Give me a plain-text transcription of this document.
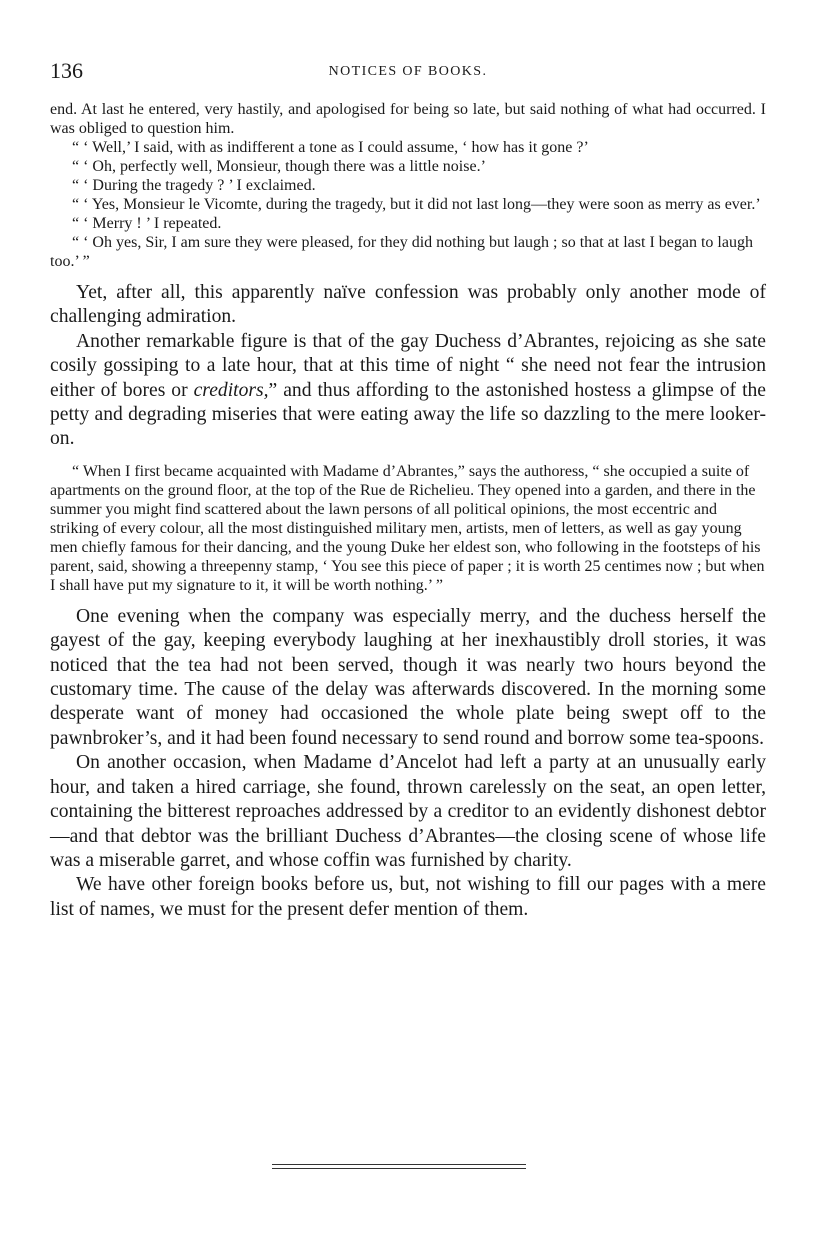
136	NOTICES OF BOOKS.

end. At last he entered, very hastily, and apologised for being so late, but said nothing of what had occurred. I was obliged to question him.

“ ‘ Well,’ I said, with as indifferent a tone as I could assume, ‘ how has it gone ?’

“ ‘ Oh, perfectly well, Monsieur, though there was a little noise.’

“ ‘ During the tragedy ? ’ I exclaimed.

“ ‘ Yes, Monsieur le Vicomte, during the tragedy, but it did not last long—they were soon as merry as ever.’

“ ‘ Merry ! ’ I repeated.

“ ‘ Oh yes, Sir, I am sure they were pleased, for they did nothing but laugh ; so that at last I began to laugh too.’ ”

Yet, after all, this apparently naïve confession was probably only another mode of challenging admiration.

Another remarkable figure is that of the gay Duchess d’Abrantes, rejoicing as she sate cosily gossiping to a late hour, that at this time of night “ she need not fear the intrusion either of bores or creditors,” and thus affording to the astonished hostess a glimpse of the petty and degrading miseries that were eating away the life so dazzling to the mere looker-on.

“ When I first became acquainted with Madame d’Abrantes,” says the authoress, “ she occupied a suite of apartments on the ground floor, at the top of the Rue de Richelieu. They opened into a garden, and there in the summer you might find scattered about the lawn persons of all political opinions, the most eccentric and striking of every colour, all the most distinguished military men, artists, men of letters, as well as gay young men chiefly famous for their dancing, and the young Duke her eldest son, who following in the footsteps of his parent, said, showing a threepenny stamp, ‘ You see this piece of paper ; it is worth 25 centimes now ; but when I shall have put my signature to it, it will be worth nothing.’ ”

One evening when the company was especially merry, and the duchess herself the gayest of the gay, keeping everybody laughing at her inexhaustibly droll stories, it was noticed that the tea had not been served, though it was nearly two hours beyond the customary time. The cause of the delay was afterwards discovered. In the morning some desperate want of money had occasioned the whole plate being swept off to the pawnbroker’s, and it had been found necessary to send round and borrow some tea-spoons.

On another occasion, when Madame d’Ancelot had left a party at an unusually early hour, and taken a hired carriage, she found, thrown carelessly on the seat, an open letter, containing the bitterest reproaches addressed by a creditor to an evidently dishonest debtor —and that debtor was the brilliant Duchess d’Abrantes—the closing scene of whose life was a miserable garret, and whose coffin was furnished by charity.

We have other foreign books before us, but, not wishing to fill our pages with a mere list of names, we must for the present defer mention of them.
